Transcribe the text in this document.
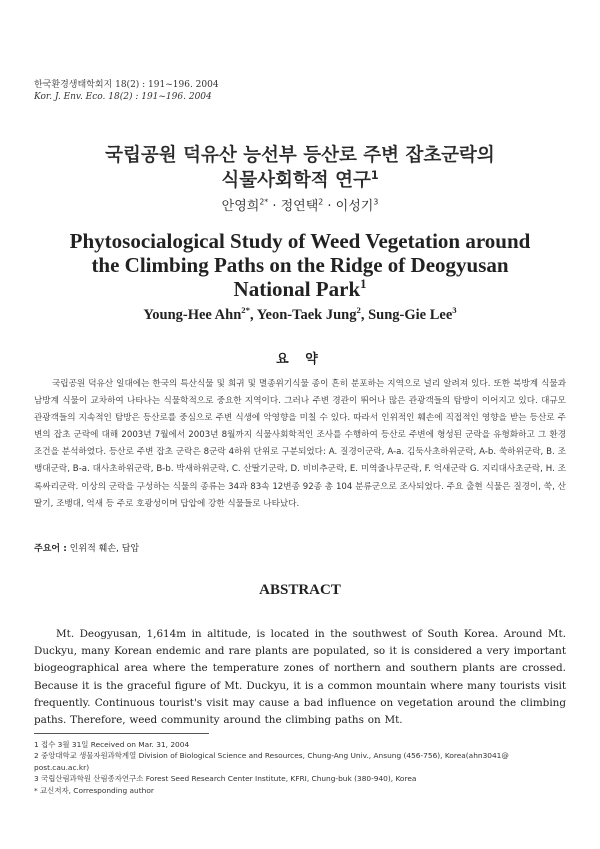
한국환경생태학회지 18(2) : 191~196. 2004
Kor. J. Env. Eco. 18(2) : 191~196. 2004
국립공원 덕유산 능선부 등산로 주변 잡초군락의
식물사회학적 연구$^1$
안영희$^{2*}$ · 정연택$^2$ · 이성기$^3$
Phytosocialogical Study of Weed Vegetation around
the Climbing Paths on the Ridge of Deogyusan
National Park$^1$
Young-Hee Ahn$^{2*}$, Yeon-Taek Jung$^2$, Sung-Gie Lee$^3$
요 약
국립공원 덕유산 일대에는 한국의 특산식물 및 희귀 및 멸종위기식물 종이 흔히 분포하는 지역으로 널리 알려져 있다. 또한 북방계 식물과 남방계 식물이 교차하여 나타나는 식물학적으로 중요한 지역이다. 그러나 주변 경관이 뛰어나 많은 관광객들의 탐방이 이어지고 있다. 대규모 관광객들의 지속적인 탐방은 등산로를 중심으로 주변 식생에 악영향을 미칠 수 있다. 따라서 인위적인 훼손에 직접적인 영향을 받는 등산로 주변의 잡초 군락에 대해 2003년 7월에서 2003년 8월까지 식물사회학적인 조사를 수행하여 등산로 주변에 형성된 군락을 유형화하고 그 환경조건을 분석하였다. 등산로 주변 잡초 군락은 8군락 4하위 단위로 구분되었다: A. 질경이군락, A-a. 김둑사초하위군락, A-b. 쑥하위군락, B. 조뱅대군락, B-a. 대사초하위군락, B-b. 박새하위군락, C. 산딸기군락, D. 비비추군락, E. 미역줄나무군락, F. 억새군락 G. 지리대사초군락, H. 조록싸리군락. 이상의 군락을 구성하는 식물의 종류는 34과 83속 12변종 92종 총 104 분류군으로 조사되었다. 주요 출현 식물은 질경이, 쑥, 산딸기, 조뱅대, 억새 등 주로 호광성이며 답압에 강한 식물들로 나타났다.
주요어 : 인위적 훼손, 답압
ABSTRACT
Mt. Deogyusan, 1,614m in altitude, is located in the southwest of South Korea. Around Mt. Duckyu, many Korean endemic and rare plants are populated, so it is considered a very important biogeographical area where the temperature zones of northern and southern plants are crossed. Because it is the graceful figure of Mt. Duckyu, it is a common mountain where many tourists visit frequently. Continuous tourist's visit may cause a bad influence on vegetation around the climbing paths. Therefore, weed community around the climbing paths on Mt.
1 접수 3월 31일 Received on Mar. 31, 2004
2 중앙대학교 생물자원과학계열 Division of Biological Science and Resources, Chung-Ang Univ., Ansung (456-756), Korea(ahn3041@
post.cau.ac.kr)
3 국립산림과학원 산림종자연구소 Forest Seed Research Center Institute, KFRI, Chung-buk (380-940), Korea
* 교신저자, Corresponding author
